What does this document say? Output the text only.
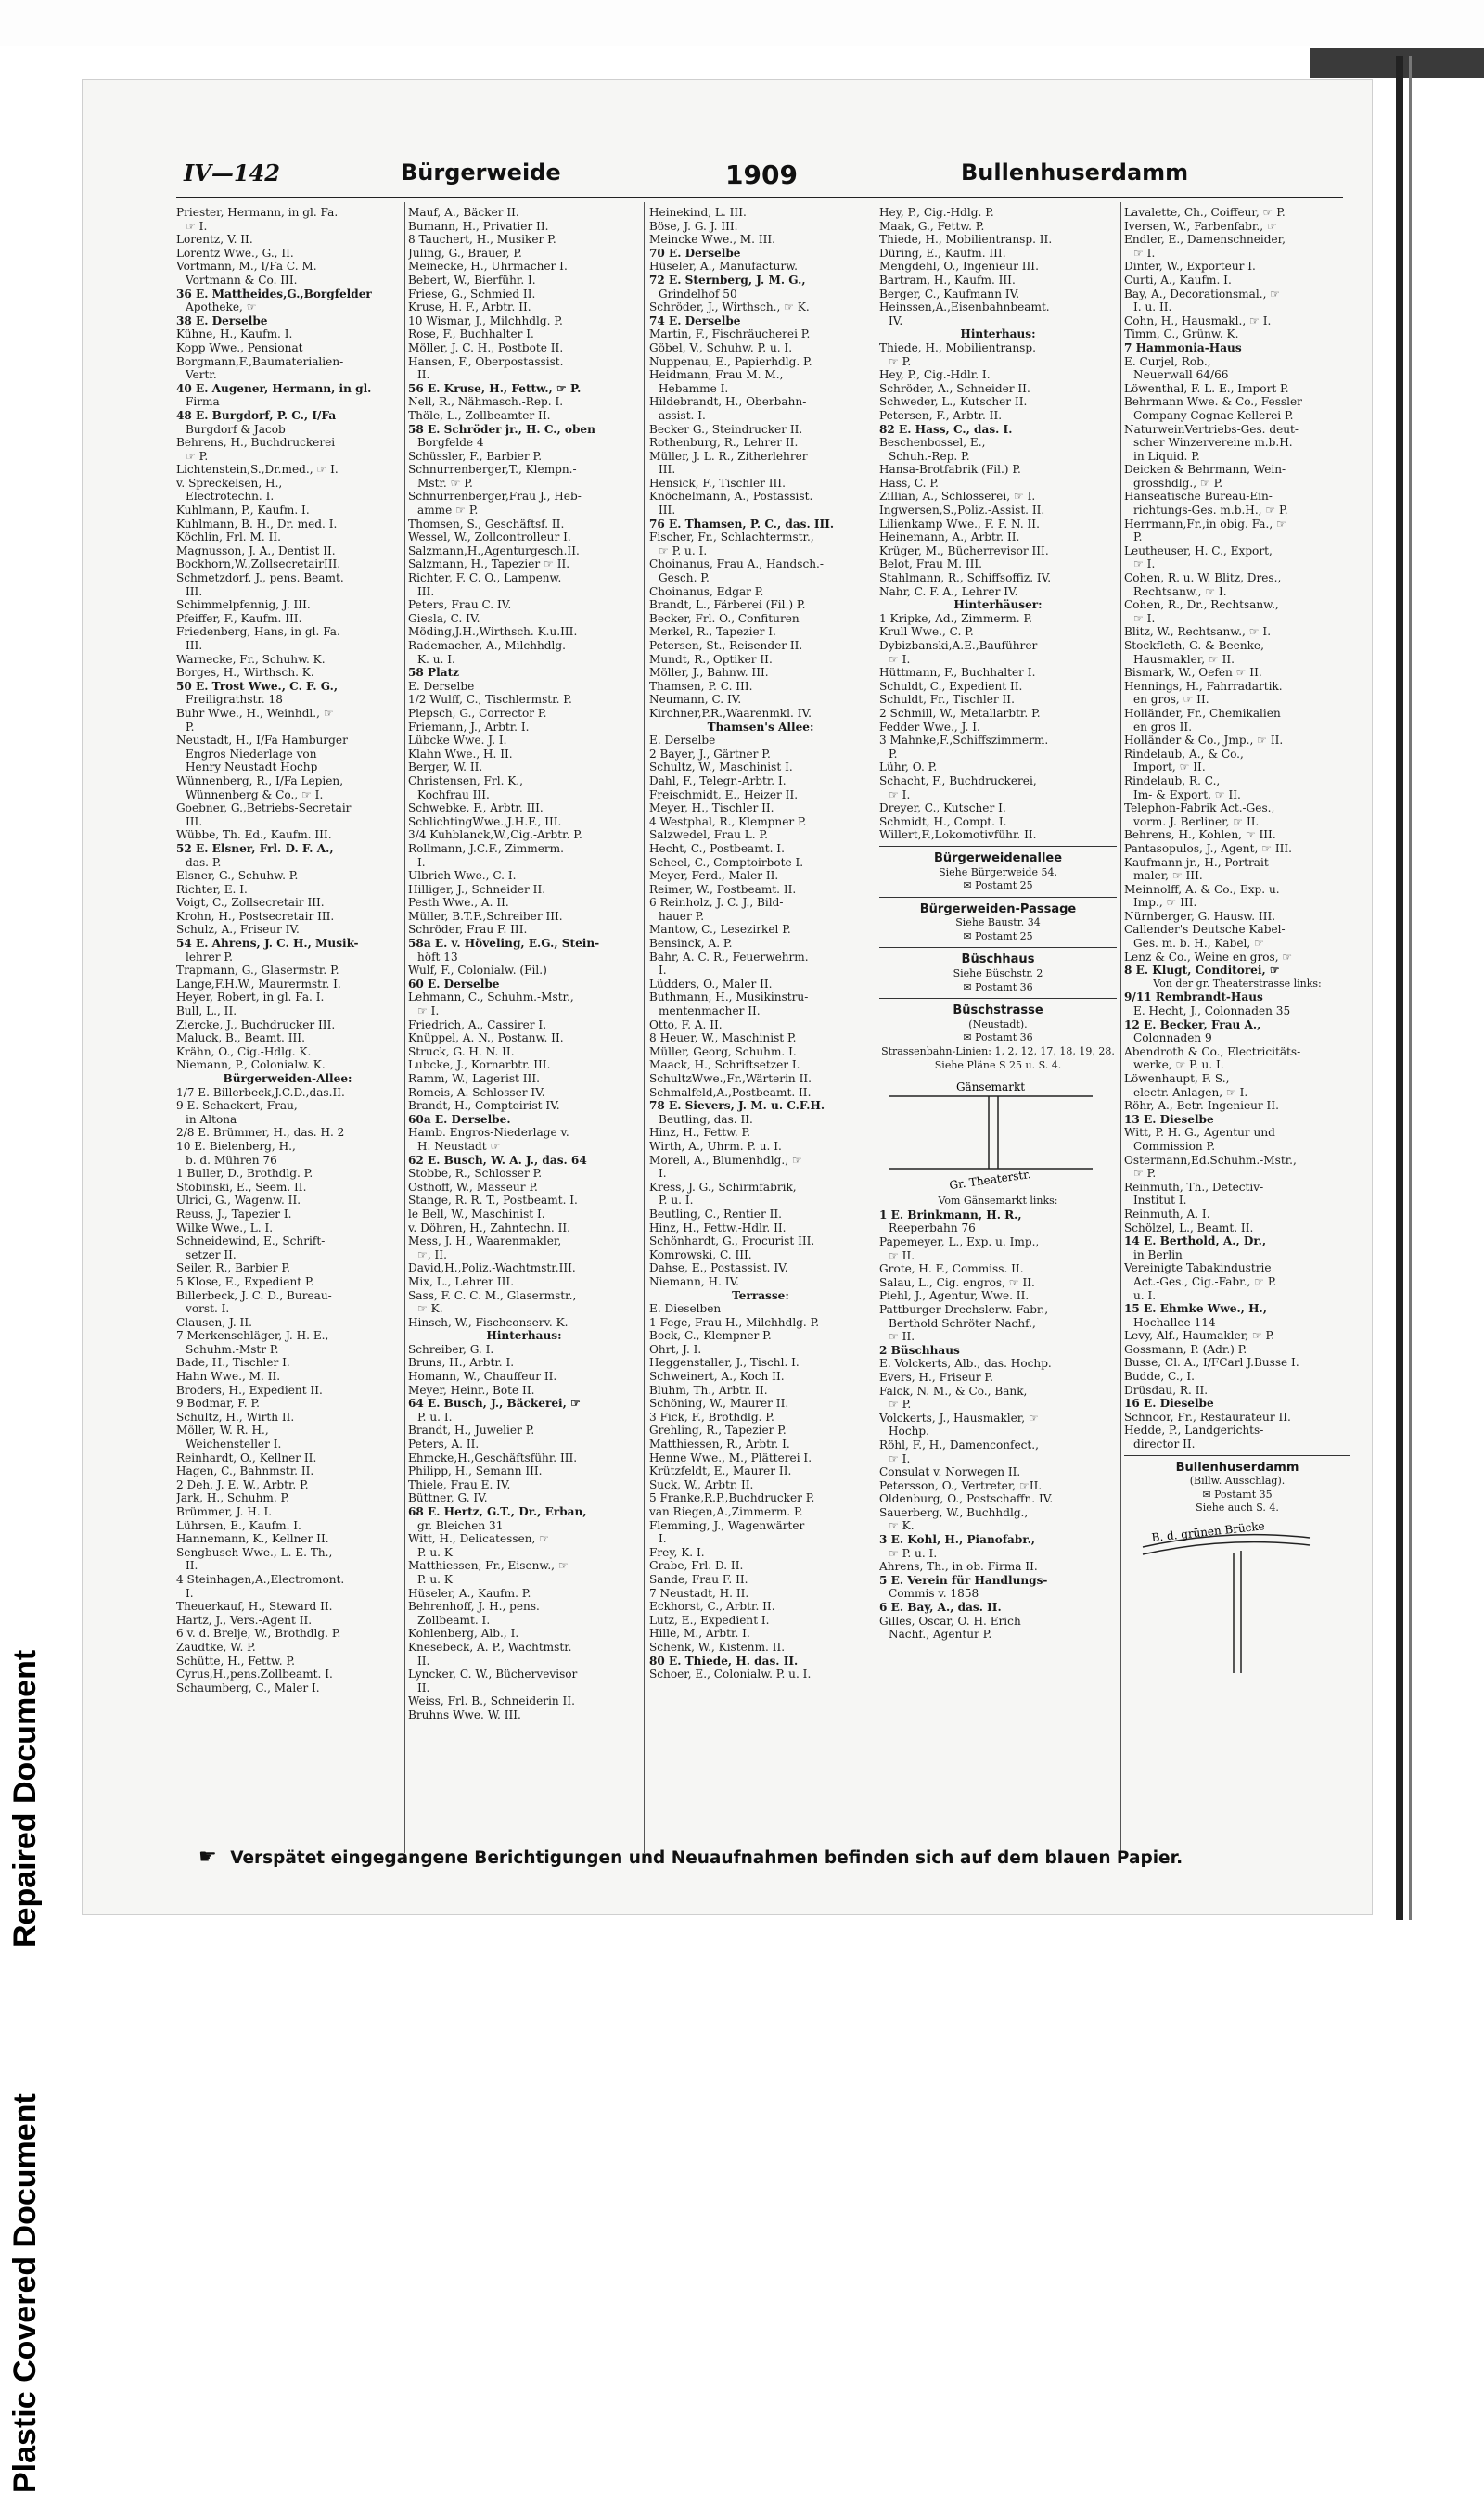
Repaired Document
Plastic Covered Document
IV—142	Bürgerweide	1909	Bullenhuserdamm
Priester, Hermann, in gl. Fa.
☞ I.
Lorentz, V. II.
Lorentz Wwe., G., II.
Vortmann, M., I/Fa C. M.
Vortmann & Co. III.
36 E. Mattheides,G.,Borgfelder
Apotheke, ☞
38 E. Derselbe
Kühne, H., Kaufm. I.
Kopp Wwe., Pensionat
Borgmann,F.,Baumaterialien-
Vertr.
40 E. Augener, Hermann, in gl.
Firma
48 E. Burgdorf, P. C., I/Fa
Burgdorf & Jacob
Behrens, H., Buchdruckerei
☞ P.
Lichtenstein,S.,Dr.med., ☞ I.
v. Spreckelsen, H.,
Electrotechn. I.
Kuhlmann, P., Kaufm. I.
Kuhlmann, B. H., Dr. med. I.
Köchlin, Frl. M. II.
Magnusson, J. A., Dentist II.
Bockhorn,W.,ZollsecretairIII.
Schmetzdorf, J., pens. Beamt.
III.
Schimmelpfennig, J. III.
Pfeiffer, F., Kaufm. III.
Friedenberg, Hans, in gl. Fa.
III.
Warnecke, Fr., Schuhw. K.
Borges, H., Wirthsch. K.
50 E. Trost Wwe., C. F. G.,
Freiligrathstr. 18
Buhr Wwe., H., Weinhdl., ☞
P.
Neustadt, H., I/Fa Hamburger
Engros Niederlage von
Henry Neustadt Hochp
Wünnenberg, R., I/Fa Lepien,
Wünnenberg & Co., ☞ I.
Goebner, G.,Betriebs-Secretair
III.
Wübbe, Th. Ed., Kaufm. III.
52 E. Elsner, Frl. D. F. A.,
das. P.
Elsner, G., Schuhw. P.
Richter, E. I.
Voigt, C., Zollsecretair III.
Krohn, H., Postsecretair III.
Schulz, A., Friseur IV.
54 E. Ahrens, J. C. H., Musik-
lehrer P.
Trapmann, G., Glasermstr. P.
Lange,F.H.W., Maurermstr. I.
Heyer, Robert, in gl. Fa. I.
Bull, L., II.
Ziercke, J., Buchdrucker III.
Maluck, B., Beamt. III.
Krähn, O., Cig.-Hdlg. K.
Niemann, P., Colonialw. K.
Bürgerweiden-Allee:
1/7 E. Billerbeck,J.C.D.,das.II.
9 E. Schackert, Frau,
in Altona
2/8 E. Brümmer, H., das. H. 2
10 E. Bielenberg, H.,
b. d. Mühren 76
1 Buller, D., Brothdlg. P.
Stobinski, E., Seem. II.
Ulrici, G., Wagenw. II.
Reuss, J., Tapezier I.
Wilke Wwe., L. I.
Schneidewind, E., Schrift-
setzer II.
Seiler, R., Barbier P.
5 Klose, E., Expedient P.
Billerbeck, J. C. D., Bureau-
vorst. I.
Clausen, J. II.
7 Merkenschläger, J. H. E.,
Schuhm.-Mstr P.
Bade, H., Tischler I.
Hahn Wwe., M. II.
Broders, H., Expedient II.
9 Bodmar, F. P.
Schultz, H., Wirth II.
Möller, W. R. H.,
Weichensteller I.
Reinhardt, O., Kellner II.
Hagen, C., Bahnmstr. II.
2 Deh, J. E. W., Arbtr. P.
Jark, H., Schuhm. P.
Brümmer, J. H. I.
Lührsen, E., Kaufm. I.
Hannemann, K., Kellner II.
Sengbusch Wwe., L. E. Th.,
II.
4 Steinhagen,A.,Electromont.
I.
Theuerkauf, H., Steward II.
Hartz, J., Vers.-Agent II.
6 v. d. Brelje, W., Brothdlg. P.
Zaudtke, W. P.
Schütte, H., Fettw. P.
Cyrus,H.,pens.Zollbeamt. I.
Schaumberg, C., Maler I.
Mauf, A., Bäcker II.
Bumann, H., Privatier II.
8 Tauchert, H., Musiker P.
Juling, G., Brauer, P.
Meinecke, H., Uhrmacher I.
Bebert, W., Bierführ. I.
Friese, G., Schmied II.
Kruse, H. F., Arbtr. II.
10 Wismar, J., Milchhdlg. P.
Rose, F., Buchhalter I.
Möller, J. C. H., Postbote II.
Hansen, F., Oberpostassist.
II.
56 E. Kruse, H., Fettw., ☞ P.
Nell, R., Nähmasch.-Rep. I.
Thöle, L., Zollbeamter II.
58 E. Schröder jr., H. C., oben
Borgfelde 4
Schüssler, F., Barbier P.
Schnurrenberger,T., Klempn.-
Mstr. ☞ P.
Schnurrenberger,Frau J., Heb-
amme ☞ P.
Thomsen, S., Geschäftsf. II.
Wessel, W., Zollcontrolleur I.
Salzmann,H.,Agenturgesch.II.
Salzmann, H., Tapezier ☞ II.
Richter, F. C. O., Lampenw.
III.
Peters, Frau C. IV.
Giesla, C. IV.
Möding,J.H.,Wirthsch. K.u.III.
Rademacher, A., Milchhdlg.
K. u. I.
58 Platz
E. Derselbe
1/2 Wulff, C., Tischlermstr. P.
Plepsch, G., Corrector P.
Friemann, J., Arbtr. I.
Lübcke Wwe. J. I.
Klahn Wwe., H. II.
Berger, W. II.
Christensen, Frl. K.,
Kochfrau III.
Schwebke, F., Arbtr. III.
SchlichtingWwe.,J.H.F., III.
3/4 Kuhblanck,W.,Cig.-Arbtr. P.
Rollmann, J.C.F., Zimmerm.
I.
Ulbrich Wwe., C. I.
Hilliger, J., Schneider II.
Pesth Wwe., A. II.
Müller, B.T.F.,Schreiber III.
Schröder, Frau F. III.
58a E. v. Höveling, E.G., Stein-
höft 13
Wulf, F., Colonialw. (Fil.)
60 E. Derselbe
Lehmann, C., Schuhm.-Mstr.,
☞ I.
Friedrich, A., Cassirer I.
Knüppel, A. N., Postanw. II.
Struck, G. H. N. II.
Lubcke, J., Kornarbtr. III.
Ramm, W., Lagerist III.
Romeis, A. Schlosser IV.
Brandt, H., Comptoirist IV.
60a E. Derselbe.
Hamb. Engros-Niederlage v.
H. Neustadt ☞
62 E. Busch, W. A. J., das. 64
Stobbe, R., Schlosser P.
Osthoff, W., Masseur P.
Stange, R. R. T., Postbeamt. I.
le Bell, W., Maschinist I.
v. Döhren, H., Zahntechn. II.
Mess, J. H., Waarenmakler,
☞, II.
David,H.,Poliz.-Wachtmstr.III.
Mix, L., Lehrer III.
Sass, F. C. C. M., Glasermstr.,
☞ K.
Hinsch, W., Fischconserv. K.
Hinterhaus:
Schreiber, G. I.
Bruns, H., Arbtr. I.
Homann, W., Chauffeur II.
Meyer, Heinr., Bote II.
64 E. Busch, J., Bäckerei, ☞
P. u. I.
Brandt, H., Juwelier P.
Peters, A. II.
Ehmcke,H.,Geschäftsführ. III.
Philipp, H., Semann III.
Thiele, Frau E. IV.
Büttner, G. IV.
68 E. Hertz, G.T., Dr., Erban,
gr. Bleichen 31
Witt, H., Delicatessen, ☞
P. u. K
Matthiessen, Fr., Eisenw., ☞
P. u. K
Hüseler, A., Kaufm. P.
Behrenhoff, J. H., pens.
Zollbeamt. I.
Kohlenberg, Alb., I.
Knesebeck, A. P., Wachtmstr.
II.
Lyncker, C. W., Büchervevisor
II.
Weiss, Frl. B., Schneiderin II.
Bruhns Wwe. W. III.
Heinekind, L. III.
Böse, J. G. J. III.
Meincke Wwe., M. III.
70 E. Derselbe
Hüseler, A., Manufacturw.
72 E. Sternberg, J. M. G.,
Grindelhof 50
Schröder, J., Wirthsch., ☞ K.
74 E. Derselbe
Martin, F., Fischräucherei P.
Göbel, V., Schuhw. P. u. I.
Nuppenau, E., Papierhdlg. P.
Heidmann, Frau M. M.,
Hebamme I.
Hildebrandt, H., Oberbahn-
assist. I.
Becker G., Steindrucker II.
Rothenburg, R., Lehrer II.
Müller, J. L. R., Zitherlehrer
III.
Hensick, F., Tischler III.
Knöchelmann, A., Postassist.
III.
76 E. Thamsen, P. C., das. III.
Fischer, Fr., Schlachtermstr.,
☞ P. u. I.
Choinanus, Frau A., Handsch.-
Gesch. P.
Choinanus, Edgar P.
Brandt, L., Färberei (Fil.) P.
Becker, Frl. O., Confituren
Merkel, R., Tapezier I.
Petersen, St., Reisender II.
Mundt, R., Optiker II.
Möller, J., Bahnw. III.
Thamsen, P. C. III.
Neumann, C. IV.
Kirchner,P.R.,Waarenmkl. IV.
Thamsen's Allee:
E. Derselbe
2 Bayer, J., Gärtner P.
Schultz, W., Maschinist I.
Dahl, F., Telegr.-Arbtr. I.
Freischmidt, E., Heizer II.
Meyer, H., Tischler II.
4 Westphal, R., Klempner P.
Salzwedel, Frau L. P.
Hecht, C., Postbeamt. I.
Scheel, C., Comptoirbote I.
Meyer, Ferd., Maler II.
Reimer, W., Postbeamt. II.
6 Reinholz, J. C. J., Bild-
hauer P.
Mantow, C., Lesezirkel P.
Bensinck, A. P.
Bahr, A. C. R., Feuerwehrm.
I.
Lüdders, O., Maler II.
Buthmann, H., Musikinstru-
mentenmacher II.
Otto, F. A. II.
8 Heuer, W., Maschinist P.
Müller, Georg, Schuhm. I.
Maack, H., Schriftsetzer I.
SchultzWwe.,Fr.,Wärterin II.
Schmalfeld,A.,Postbeamt. II.
78 E. Sievers, J. M. u. C.F.H.
Beutling, das. II.
Hinz, H., Fettw. P.
Wirth, A., Uhrm. P. u. I.
Morell, A., Blumenhdlg., ☞
I.
Kress, J. G., Schirmfabrik,
P. u. I.
Beutling, C., Rentier II.
Hinz, H., Fettw.-Hdlr. II.
Schönhardt, G., Procurist III.
Komrowski, C. III.
Dahse, E., Postassist. IV.
Niemann, H. IV.
Terrasse:
E. Dieselben
1 Fege, Frau H., Milchhdlg. P.
Bock, C., Klempner P.
Ohrt, J. I.
Heggenstaller, J., Tischl. I.
Schweinert, A., Koch II.
Bluhm, Th., Arbtr. II.
Schöning, W., Maurer II.
3 Fick, F., Brothdlg. P.
Grehling, R., Tapezier P.
Matthiessen, R., Arbtr. I.
Henne Wwe., M., Plätterei I.
Krützfeldt, E., Maurer II.
Suck, W., Arbtr. II.
5 Franke,R.P.,Buchdrucker P.
van Riegen,A.,Zimmerm. P.
Flemming, J., Wagenwärter
I.
Frey, K. I.
Grabe, Frl. D. II.
Sande, Frau F. II.
7 Neustadt, H. II.
Eckhorst, C., Arbtr. II.
Lutz, E., Expedient I.
Hille, M., Arbtr. I.
Schenk, W., Kistenm. II.
80 E. Thiede, H. das. II.
Schoer, E., Colonialw. P. u. I.
Hey, P., Cig.-Hdlg. P.
Maak, G., Fettw. P.
Thiede, H., Mobilientransp. II.
Düring, E., Kaufm. III.
Mengdehl, O., Ingenieur III.
Bartram, H., Kaufm. III.
Berger, C., Kaufmann IV.
Heinssen,A.,Eisenbahnbeamt.
IV.
Hinterhaus:
Thiede, H., Mobilientransp.
☞ P.
Hey, P., Cig.-Hdlr. I.
Schröder, A., Schneider II.
Schweder, L., Kutscher II.
Petersen, F., Arbtr. II.
82 E. Hass, C., das. I.
Beschenbossel, E.,
Schuh.-Rep. P.
Hansa-Brotfabrik (Fil.) P.
Hass, C. P.
Zillian, A., Schlosserei, ☞ I.
Ingwersen,S.,Poliz.-Assist. II.
Lilienkamp Wwe., F. F. N. II.
Heinemann, A., Arbtr. II.
Krüger, M., Bücherrevisor III.
Belot, Frau M. III.
Stahlmann, R., Schiffsoffiz. IV.
Nahr, C. F. A., Lehrer IV.
Hinterhäuser:
1 Kripke, Ad., Zimmerm. P.
Krull Wwe., C. P.
Dybizbanski,A.E.,Bauführer
☞ I.
Hüttmann, F., Buchhalter I.
Schuldt, C., Expedient II.
Schuldt, Fr., Tischler II.
2 Schmill, W., Metallarbtr. P.
Fedder Wwe., J. I.
3 Mahnke,F.,Schiffszimmerm.
P.
Lühr, O. P.
Schacht, F., Buchdruckerei,
☞ I.
Dreyer, C., Kutscher I.
Schmidt, H., Compt. I.
Willert,F.,Lokomotivführ. II.
Bürgerweidenallee
Siehe Bürgerweide 54.
✉ Postamt 25
Bürgerweiden-Passage
Siehe Baustr. 34
✉ Postamt 25
Büschhaus
Siehe Büschstr. 2
✉ Postamt 36
Büschstrasse
(Neustadt).
✉ Postamt 36
Strassenbahn-Linien: 1, 2, 12, 17, 18, 19, 28.
Siehe Pläne S 25 u. S. 4.
Gänsemarkt
Gr. Theaterstr.
Vom Gänsemarkt links:
1 E. Brinkmann, H. R.,
Reeperbahn 76
Papemeyer, L., Exp. u. Imp.,
☞ II.
Grote, H. F., Commiss. II.
Salau, L., Cig. engros, ☞ II.
Piehl, J., Agentur, Wwe. II.
Pattburger Drechslerw.-Fabr.,
Berthold Schröter Nachf.,
☞ II.
2 Büschhaus
E. Volckerts, Alb., das. Hochp.
Evers, H., Friseur P.
Falck, N. M., & Co., Bank,
☞ P.
Volckerts, J., Hausmakler, ☞
Hochp.
Röhl, F., H., Damenconfect.,
☞ I.
Consulat v. Norwegen II.
Petersson, O., Vertreter, ☞II.
Oldenburg, O., Postschaffn. IV.
Sauerberg, W., Buchhdlg.,
☞ K.
3 E. Kohl, H., Pianofabr.,
☞ P. u. I.
Ahrens, Th., in ob. Firma II.
5 E. Verein für Handlungs-
Commis v. 1858
6 E. Bay, A., das. II.
Gilles, Oscar, O. H. Erich
Nachf., Agentur P.
Lavalette, Ch., Coiffeur, ☞ P.
Iversen, W., Farbenfabr., ☞
Endler, E., Damenschneider,
☞ I.
Dinter, W., Exporteur I.
Curti, A., Kaufm. I.
Bay, A., Decorationsmal., ☞
I. u. II.
Cohn, H., Hausmakl., ☞ I.
Timm, C., Grünw. K.
7 Hammonia-Haus
E. Curjel, Rob.,
Neuerwall 64/66
Löwenthal, F. L. E., Import P.
Behrmann Wwe. & Co., Fessler
Company Cognac-Kellerei P.
NaturweinVertriebs-Ges. deut-
scher Winzervereine m.b.H.
in Liquid. P.
Deicken & Behrmann, Wein-
grosshdlg., ☞ P.
Hanseatische Bureau-Ein-
richtungs-Ges. m.b.H., ☞ P.
Herrmann,Fr.,in obig. Fa., ☞
P.
Leutheuser, H. C., Export,
☞ I.
Cohen, R. u. W. Blitz, Dres.,
Rechtsanw., ☞ I.
Cohen, R., Dr., Rechtsanw.,
☞ I.
Blitz, W., Rechtsanw., ☞ I.
Stockfleth, G. & Beenke,
Hausmakler, ☞ II.
Bismark, W., Oefen ☞ II.
Hennings, H., Fahrradartik.
en gros, ☞ II.
Holländer, Fr., Chemikalien
en gros II.
Holländer & Co., Jmp., ☞ II.
Rindelaub, A., & Co.,
Import, ☞ II.
Rindelaub, R. C.,
Im- & Export, ☞ II.
Telephon-Fabrik Act.-Ges.,
vorm. J. Berliner, ☞ II.
Behrens, H., Kohlen, ☞ III.
Pantasopulos, J., Agent, ☞ III.
Kaufmann jr., H., Portrait-
maler, ☞ III.
Meinnolff, A. & Co., Exp. u.
Imp., ☞ III.
Nürnberger, G. Hausw. III.
Callender's Deutsche Kabel-
Ges. m. b. H., Kabel, ☞
Lenz & Co., Weine en gros, ☞
8 E. Klugt, Conditorei, ☞
Von der gr. Theaterstrasse links:
9/11 Rembrandt-Haus
E. Hecht, J., Colonnaden 35
12 E. Becker, Frau A.,
Colonnaden 9
Abendroth & Co., Electricitäts-
werke, ☞ P. u. I.
Löwenhaupt, F. S.,
electr. Anlagen, ☞ I.
Röhr, A., Betr.-Ingenieur II.
13 E. Dieselbe
Witt, P. H. G., Agentur und
Commission P.
Ostermann,Ed.Schuhm.-Mstr.,
☞ P.
Reinmuth, Th., Detectiv-
Institut I.
Reinmuth, A. I.
Schölzel, L., Beamt. II.
14 E. Berthold, A., Dr.,
in Berlin
Vereinigte Tabakindustrie
Act.-Ges., Cig.-Fabr., ☞ P.
u. I.
15 E. Ehmke Wwe., H.,
Hochallee 114
Levy, Alf., Haumakler, ☞ P.
Gossmann, P. (Adr.) P.
Busse, Cl. A., I/FCarl J.Busse I.
Budde, C., I.
Drüsdau, R. II.
16 E. Dieselbe
Schnoor, Fr., Restaurateur II.
Hedde, P., Landgerichts-
director II.
Bullenhuserdamm
(Billw. Ausschlag).
✉ Postamt 35
Siehe auch S. 4.
B. d. grünen Brücke
☛ Verspätet eingegangene Berichtigungen und Neuaufnahmen befinden sich auf dem blauen Papier.
